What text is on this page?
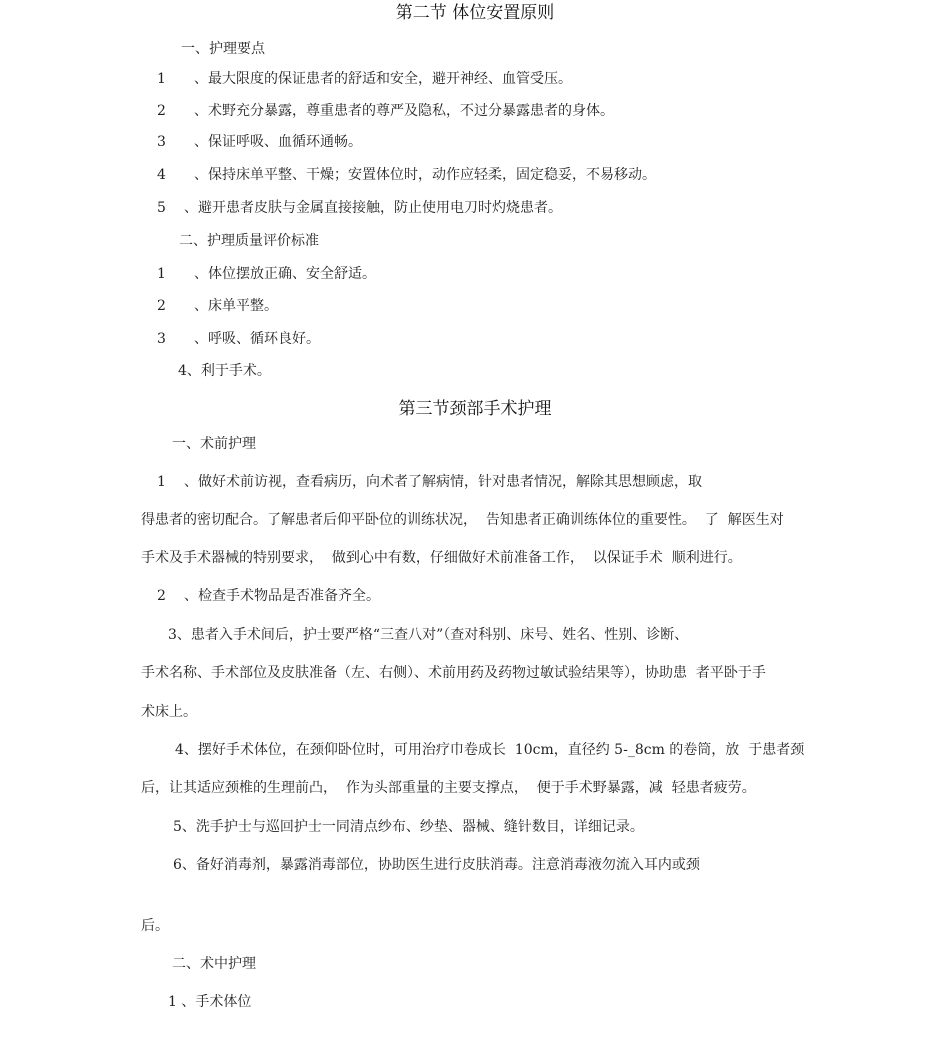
第二节 体位安置原则
一、护理要点
1 、最大限度的保证患者的舒适和安全，避开神经、血管受压。
2 、术野充分暴露，尊重患者的尊严及隐私，不过分暴露患者的身体。
3 、保证呼吸、血循环通畅。
4 、保持床单平整、干燥；安置体位时，动作应轻柔，固定稳妥，不易移动。
5 、避开患者皮肤与金属直接接触，防止使用电刀时灼烧患者。
二、护理质量评价标准
1 、体位摆放正确、安全舒适。
2 、床单平整。
3 、呼吸、循环良好。
4、利于手术。
第三节颈部手术护理
一、术前护理
1 、做好术前访视，查看病历，向术者了解病情，针对患者情况，解除其思想顾虑，取
得患者的密切配合。了解患者后仰平卧位的训练状况，  告知患者正确训练体位的重要性。  了  解医生对
手术及手术器械的特别要求，  做到心中有数，仔细做好术前准备工作，  以保证手术  顺利进行。
2 、检查手术物品是否准备齐全。
3、患者入手术间后，护士要严格“三查八对”（查对科别、床号、姓名、性别、诊断、
手术名称、手术部位及皮肤准备（左、右侧）、术前用药及药物过敏试验结果等），协助患  者平卧于手
术床上。
4、摆好手术体位，在颈仰卧位时，可用治疗巾卷成长  10cm，直径约 5-_8cm 的卷筒，放  于患者颈
后，让其适应颈椎的生理前凸，  作为头部重量的主要支撑点，  便于手术野暴露，减  轻患者疲劳。
5、洗手护士与巡回护士一同清点纱布、纱垫、器械、缝针数目，详细记录。
6、备好消毒剂，暴露消毒部位，协助医生进行皮肤消毒。注意消毒液勿流入耳内或颈
后。
二、术中护理
1 、手术体位
